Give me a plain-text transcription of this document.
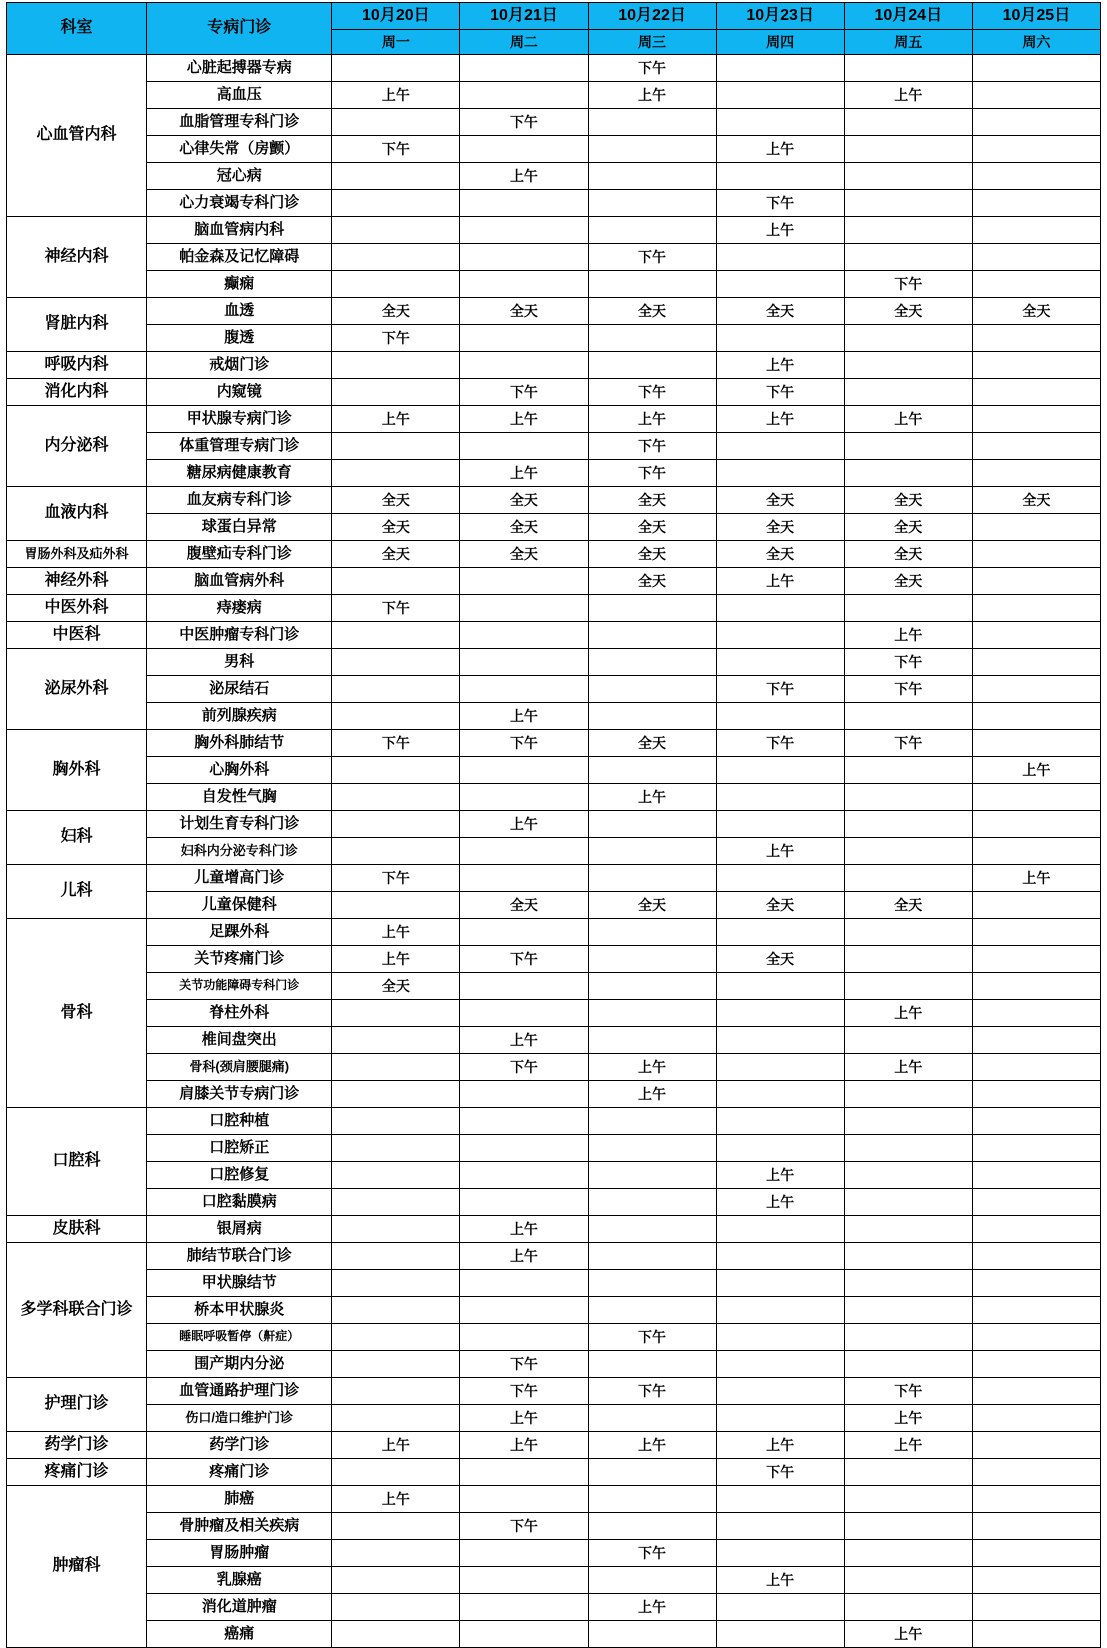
科室	专病门诊	10月20日	10月21日	10月22日	10月23日	10月24日	10月25日
		周一	周二	周三	周四	周五	周六
心血管内科	心脏起搏器专病			下午			
	高血压	上午		上午		上午	
	血脂管理专科门诊		下午				
	心律失常（房颤）	下午			上午		
	冠心病		上午				
	心力衰竭专科门诊				下午		
神经内科	脑血管病内科				上午		
	帕金森及记忆障碍			下午			
	癫痫					下午	
肾脏内科	血透	全天	全天	全天	全天	全天	全天
	腹透	下午					
呼吸内科	戒烟门诊				上午		
消化内科	内窥镜		下午	下午	下午		
内分泌科	甲状腺专病门诊	上午	上午	上午	上午	上午	
	体重管理专病门诊			下午			
	糖尿病健康教育		上午	下午			
血液内科	血友病专科门诊	全天	全天	全天	全天	全天	全天
	球蛋白异常	全天	全天	全天	全天	全天	
胃肠外科及疝外科	腹壁疝专科门诊	全天	全天	全天	全天	全天	
神经外科	脑血管病外科			全天	上午	全天	
中医外科	痔瘘病	下午					
中医科	中医肿瘤专科门诊					上午	
泌尿外科	男科					下午	
	泌尿结石				下午	下午	
	前列腺疾病		上午				
胸外科	胸外科肺结节	下午	下午	全天	下午	下午	
	心胸外科						上午
	自发性气胸			上午			
妇科	计划生育专科门诊		上午				
	妇科内分泌专科门诊				上午		
儿科	儿童增高门诊	下午					上午
	儿童保健科		全天	全天	全天	全天	
骨科	足踝外科	上午					
	关节疼痛门诊	上午	下午		全天		
	关节功能障碍专科门诊	全天					
	脊柱外科					上午	
	椎间盘突出		上午				
	骨科(颈肩腰腿痛)		下午	上午		上午	
	肩膝关节专病门诊			上午			
口腔科	口腔种植						
	口腔矫正						
	口腔修复				上午		
	口腔黏膜病				上午		
皮肤科	银屑病		上午				
多学科联合门诊	肺结节联合门诊		上午				
	甲状腺结节						
	桥本甲状腺炎						
	睡眠呼吸暂停（鼾症）			下午			
	围产期内分泌		下午				
护理门诊	血管通路护理门诊		下午	下午		下午	
	伤口/造口维护门诊		上午			上午	
药学门诊	药学门诊	上午	上午	上午	上午	上午	
疼痛门诊	疼痛门诊				下午		
肿瘤科	肺癌	上午					
	骨肿瘤及相关疾病		下午				
	胃肠肿瘤			下午			
	乳腺癌				上午		
	消化道肿瘤			上午			
	癌痛					上午	
